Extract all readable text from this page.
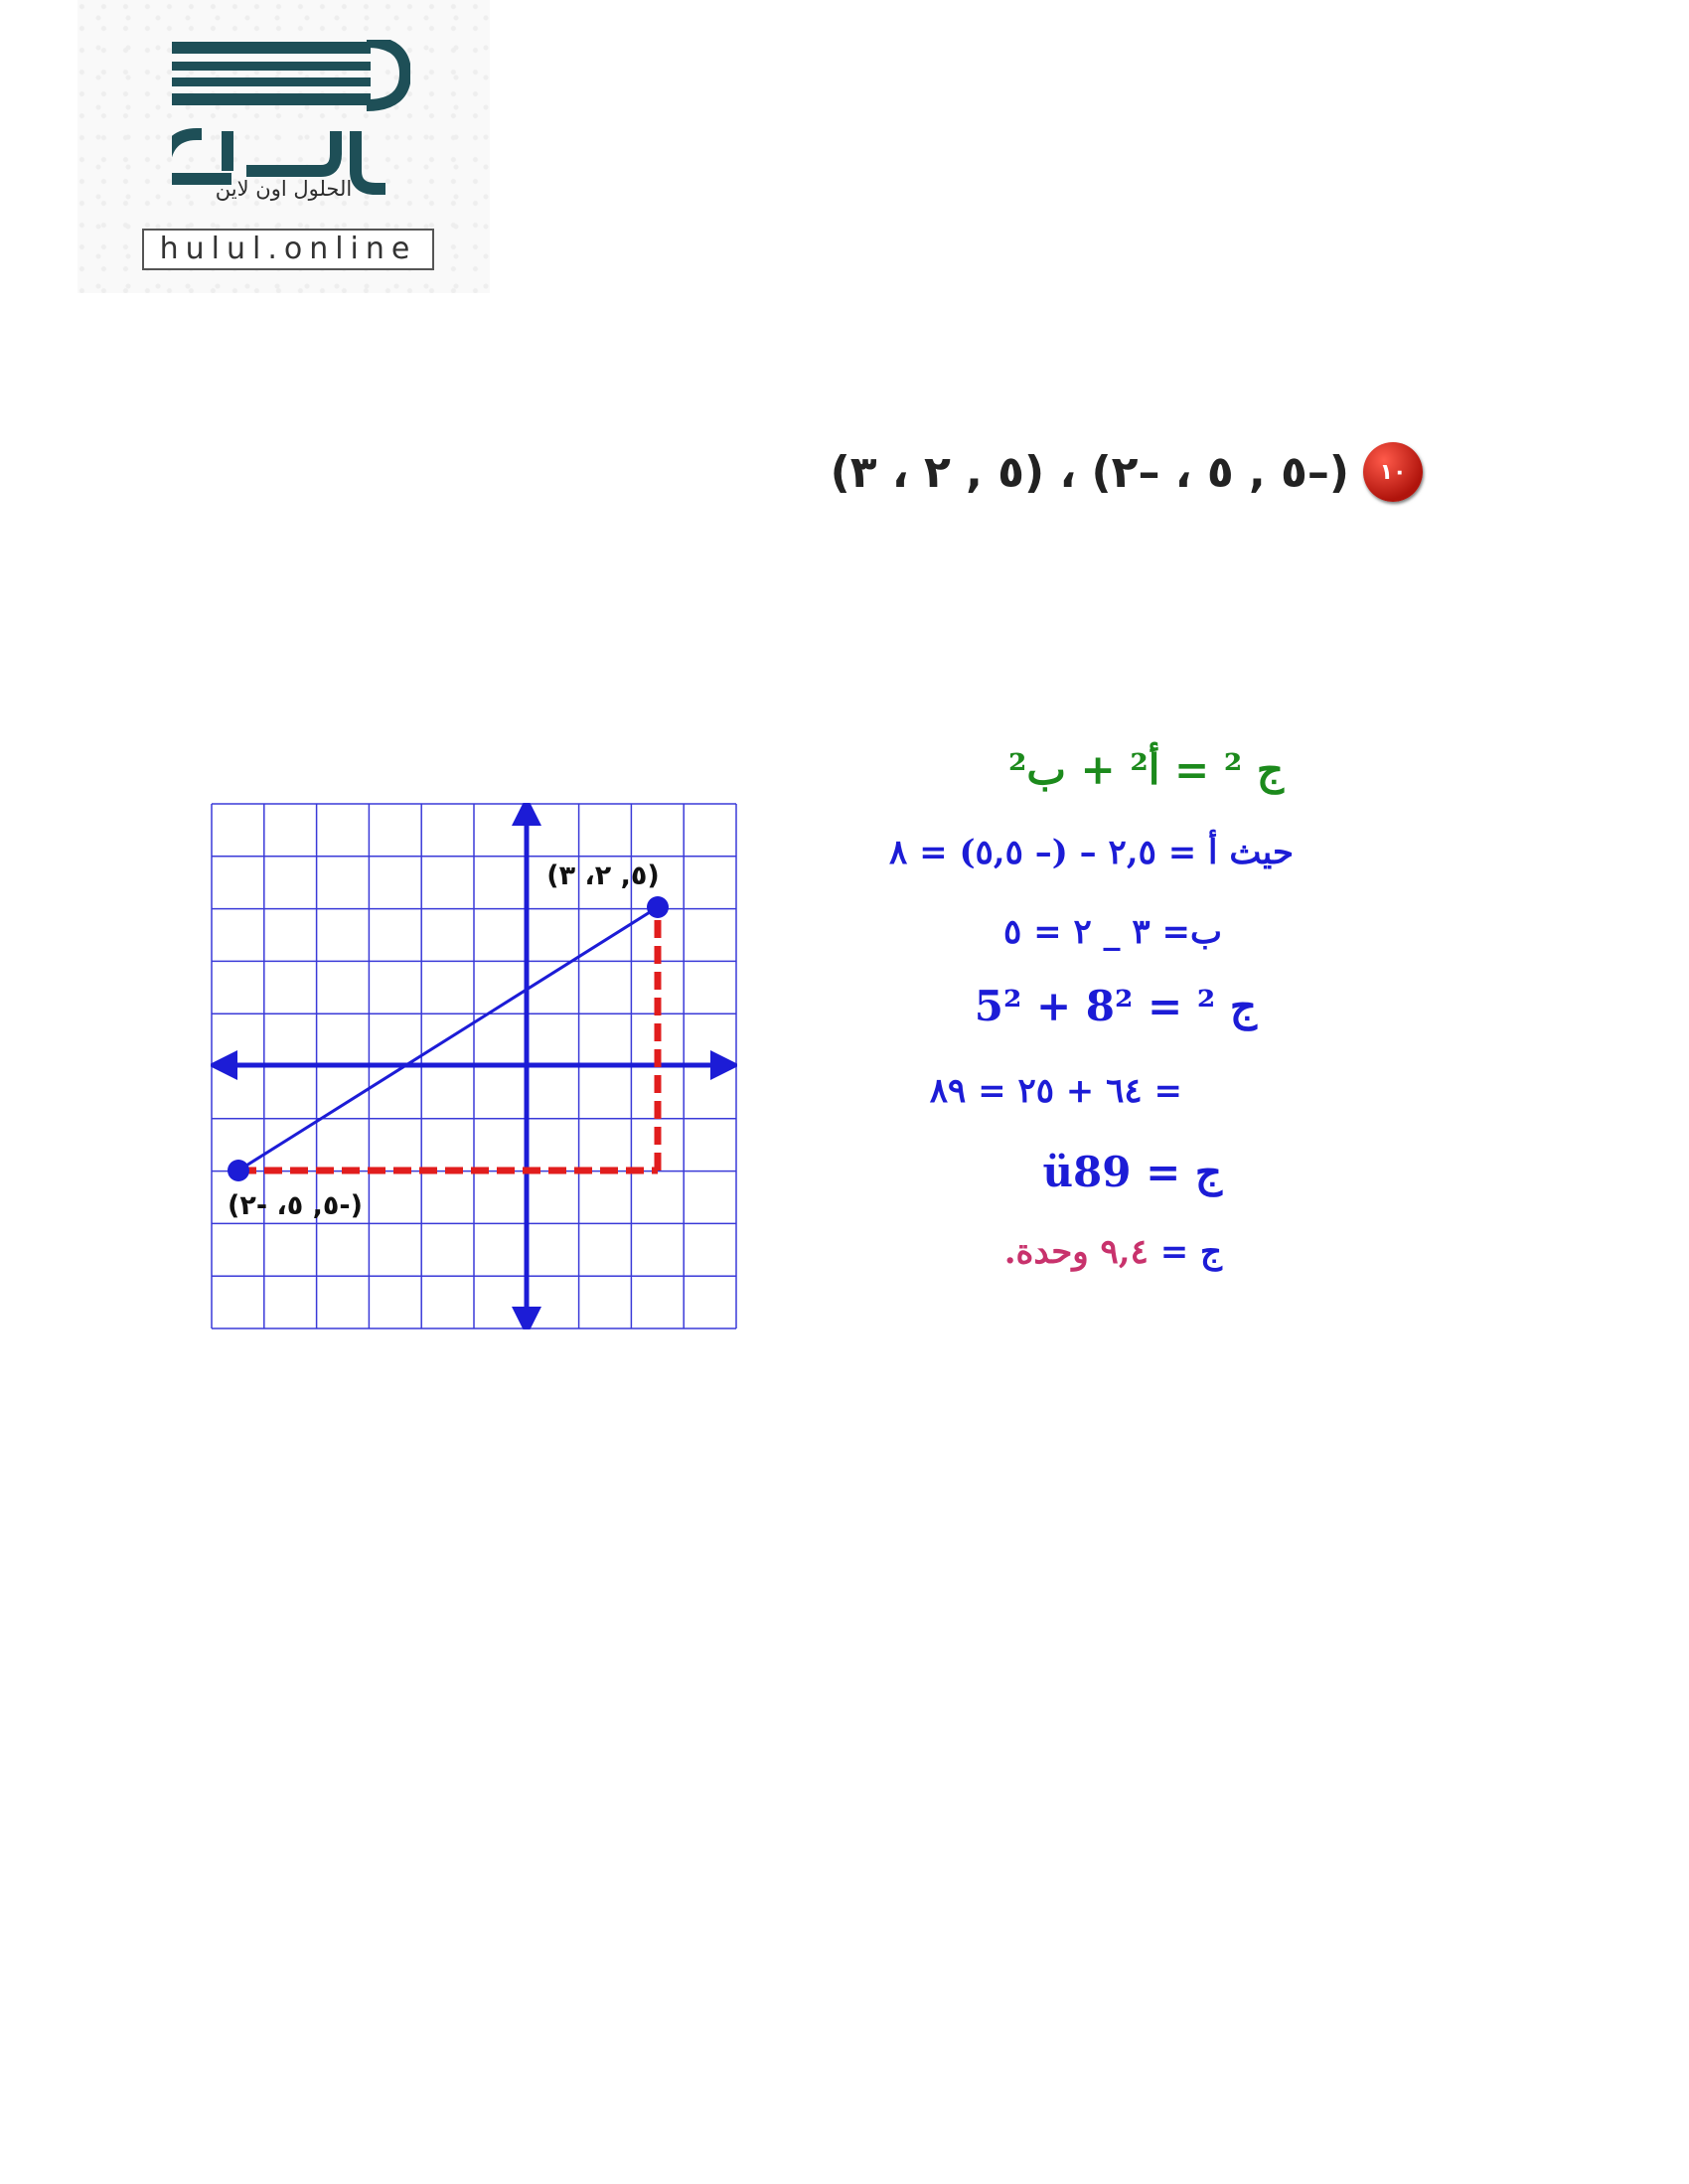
الحلول اون لاين
hulul.online
١٠
(–٥ , ٥ ، –٢) ، (٥ , ٢ ، ٣)
(٥, ٢، ٣)
(-٥, ٥، -٢)
ج ² = أ² + ب²
حيث أ = ٢,٥ – (– ٥,٥) = ٨
ب= ٣ _ ٢ = ٥
ج ² = 8² + 5²
= ٦٤ + ٢٥ = ٨٩
ج = ü89
ج = ٩,٤ وحدة.
